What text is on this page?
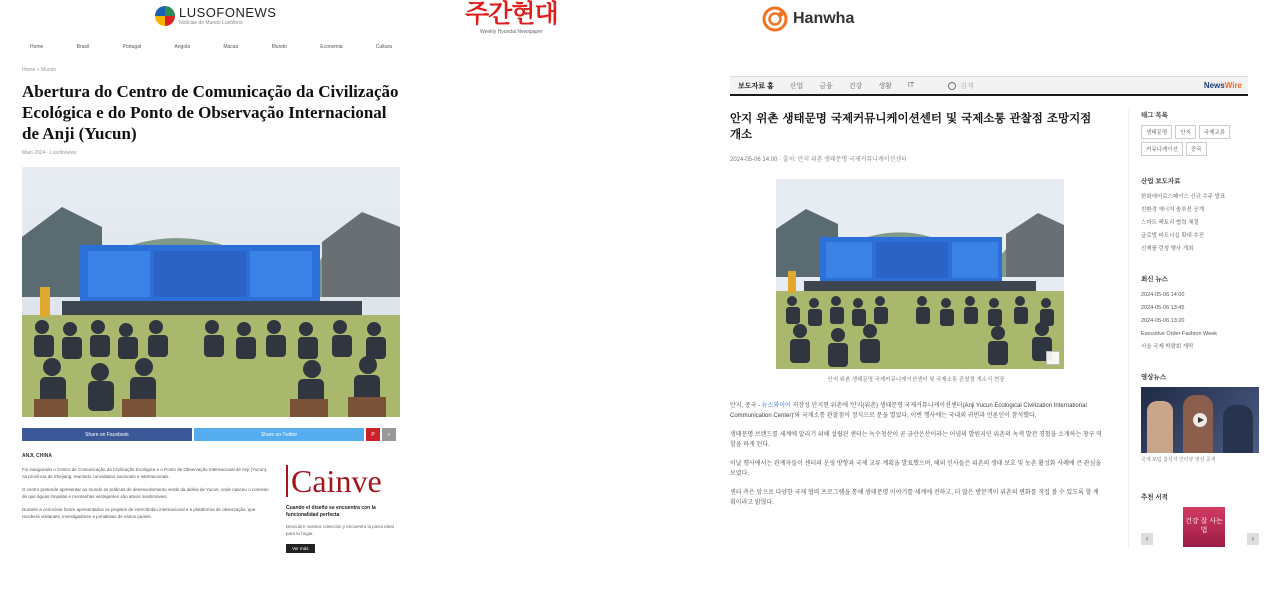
LUSOFONEWS
Notícias do Mundo Lusófono	주간현대
Weekly Hyundai Newspaper
Hanwha
Home	Brasil	Portugal	Angola	Macau	Mundo	Economia	Cultura
Home » Mundo
Abertura do Centro de Comunicação da Civilização Ecológica e do Ponto de Observação Internacional de Anji (Yucun)
Maio 2024 · Lusofonews
Share on Facebook	Share on Twitter	P	+
ANJI, CHINA

Foi inaugurado o Centro de Comunicação da Civilização Ecológica e o Ponto de Observação Internacional de Anji (Yucun), na província de Zhejiang, reunindo convidados nacionais e internacionais.

O centro pretende apresentar ao mundo as práticas de desenvolvimento verde da aldeia de Yucun, onde nasceu o conceito de que águas límpidas e montanhas verdejantes são ativos inestimáveis.

Durante a cerimónia foram apresentados os projetos de intercâmbio internacional e a plataforma de observação, que receberá visitantes, investigadores e jornalistas de vários países.

Cainve
Cuando el diseño se encuentra con la funcionalidad perfecta
Descubre nuestra colección y encuentra la pieza ideal para tu hogar.
Ver más
보도자료 홈	산업	금융	건강	생활	IT	검색	NewsWire
안지 위촌 생태문명 국제커뮤니케이션센터 및 국제소통 관찰점 조망지점 개소
2024-05-06 14:00 · 출처: 안지 위촌 생태문명 국제커뮤니케이션센터
안지 위촌 생태문명 국제커뮤니케이션센터 및 국제소통 관찰점 개소식 현장

안지, 중국 - 뉴스와이어 저장성 안지현 위촌에 '안지(위촌) 생태문명 국제커뮤니케이션센터(Anji Yucun Ecological Civilization International Communication Center)'와 국제소통 관찰점이 정식으로 문을 열었다. 이번 행사에는 국내외 귀빈과 언론인이 참석했다.

생태문명 브랜드를 세계에 알리기 위해 설립된 센터는 녹수청산이 곧 금산은산이라는 이념의 발원지인 위촌의 녹색 발전 경험을 소개하는 창구 역할을 하게 된다.

이날 행사에서는 관계자들이 센터의 운영 방향과 국제 교류 계획을 발표했으며, 해외 인사들은 위촌의 생태 보호 및 농촌 활성화 사례에 큰 관심을 보였다.

센터 측은 앞으로 다양한 국제 협력 프로그램을 통해 생태문명 이야기를 세계에 전하고, 더 많은 방문객이 위촌의 변화를 직접 볼 수 있도록 할 계획이라고 밝혔다.

태그 목록
생태문명	안지	국제교류
커뮤니케이션	중국
산업 보도자료
한화에어로스페이스 신규 수주 발표
친환경 에너지 솔루션 공개
스마트 팩토리 협력 체결
글로벌 파트너십 확대 추진
신제품 런칭 행사 개최
최신 뉴스
2024-05-06 14:00
2024-05-06 13:45
2024-05-06 13:20
Executive Order Fashion Week
서울 국제 박람회 개막
영상뉴스
국제 포럼 참석자 인터뷰 영상 공개
추천 서적
‹
건강 잘 사는 법
›
